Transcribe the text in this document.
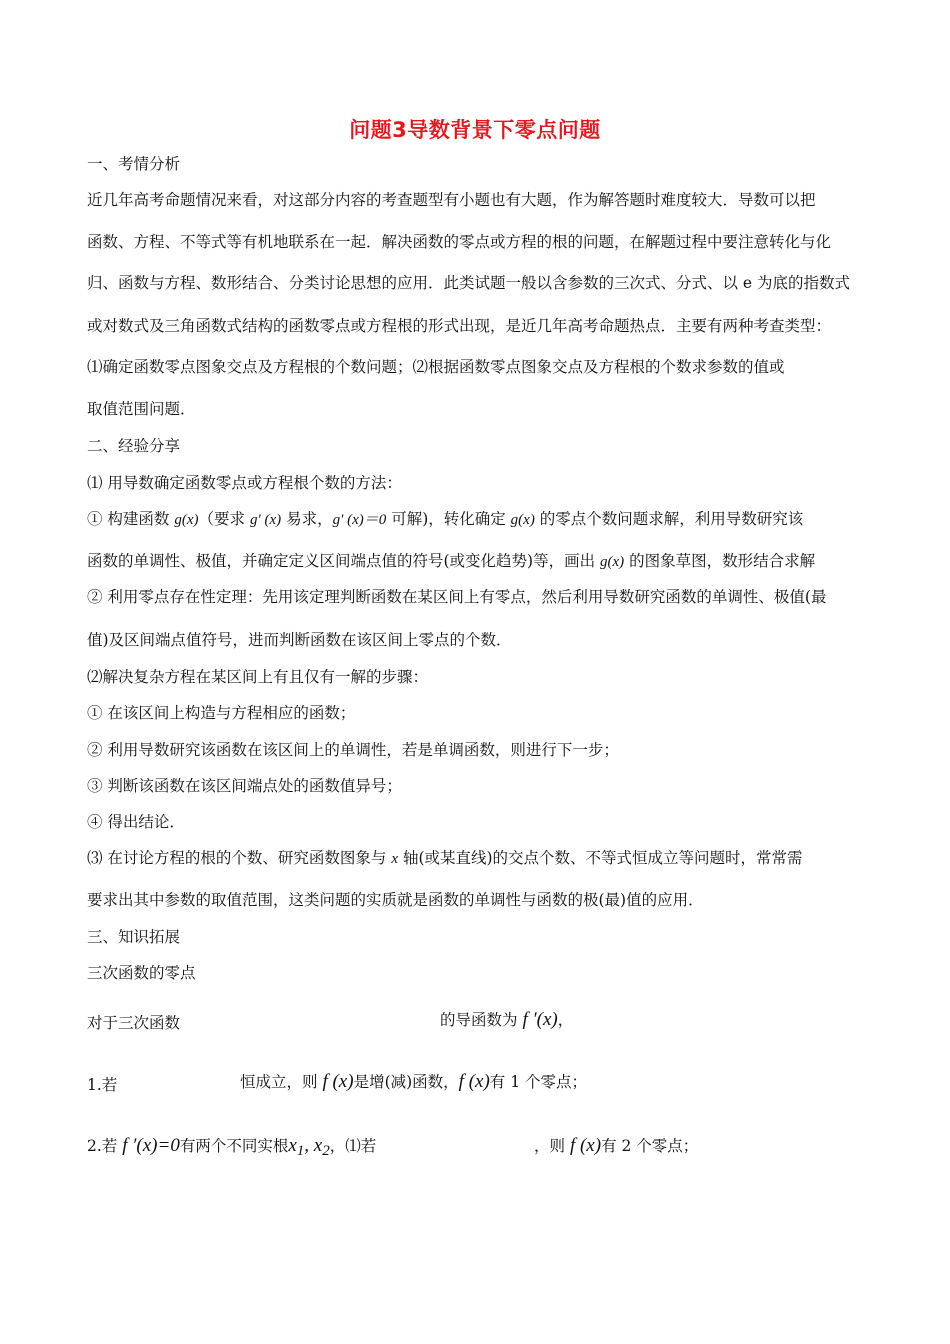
问题3导数背景下零点问题
一、考情分析
近几年高考命题情况来看，对这部分内容的考查题型有小题也有大题，作为解答题时难度较大．导数可以把
函数、方程、不等式等有机地联系在一起．解决函数的零点或方程的根的问题，在解题过程中要注意转化与化
归、函数与方程、数形结合、分类讨论思想的应用．此类试题一般以含参数的三次式、分式、以 e 为底的指数式
或对数式及三角函数式结构的函数零点或方程根的形式出现，是近几年高考命题热点．主要有两种考查类型：
⑴确定函数零点图象交点及方程根的个数问题；⑵根据函数零点图象交点及方程根的个数求参数的值或
取值范围问题．
二、经验分享
⑴ 用导数确定函数零点或方程根个数的方法：
① 构建函数 g(x)（要求 g′ (x) 易求，g′ (x)＝0 可解)，转化确定 g(x) 的零点个数问题求解，利用导数研究该
函数的单调性、极值，并确定定义区间端点值的符号(或变化趋势)等，画出 g(x) 的图象草图，数形结合求解
② 利用零点存在性定理：先用该定理判断函数在某区间上有零点，然后利用导数研究函数的单调性、极值(最
值)及区间端点值符号，进而判断函数在该区间上零点的个数．
⑵解决复杂方程在某区间上有且仅有一解的步骤：
① 在该区间上构造与方程相应的函数；
② 利用导数研究该函数在该区间上的单调性，若是单调函数，则进行下一步；
③ 判断该函数在该区间端点处的函数值异号；
④ 得出结论．
⑶ 在讨论方程的根的个数、研究函数图象与 x 轴(或某直线)的交点个数、不等式恒成立等问题时，常常需
要求出其中参数的取值范围，这类问题的实质就是函数的单调性与函数的极(最)值的应用．
三、知识拓展
三次函数的零点
对于三次函数	的导函数为 f ′(x)，
1.若	恒成立，则 f (x)是增(减)函数，f (x)有 1 个零点；
2.若 f ′(x)=0有两个不同实根$x_1$, $x_2$，⑴若	，则 f (x)有 2 个零点；
